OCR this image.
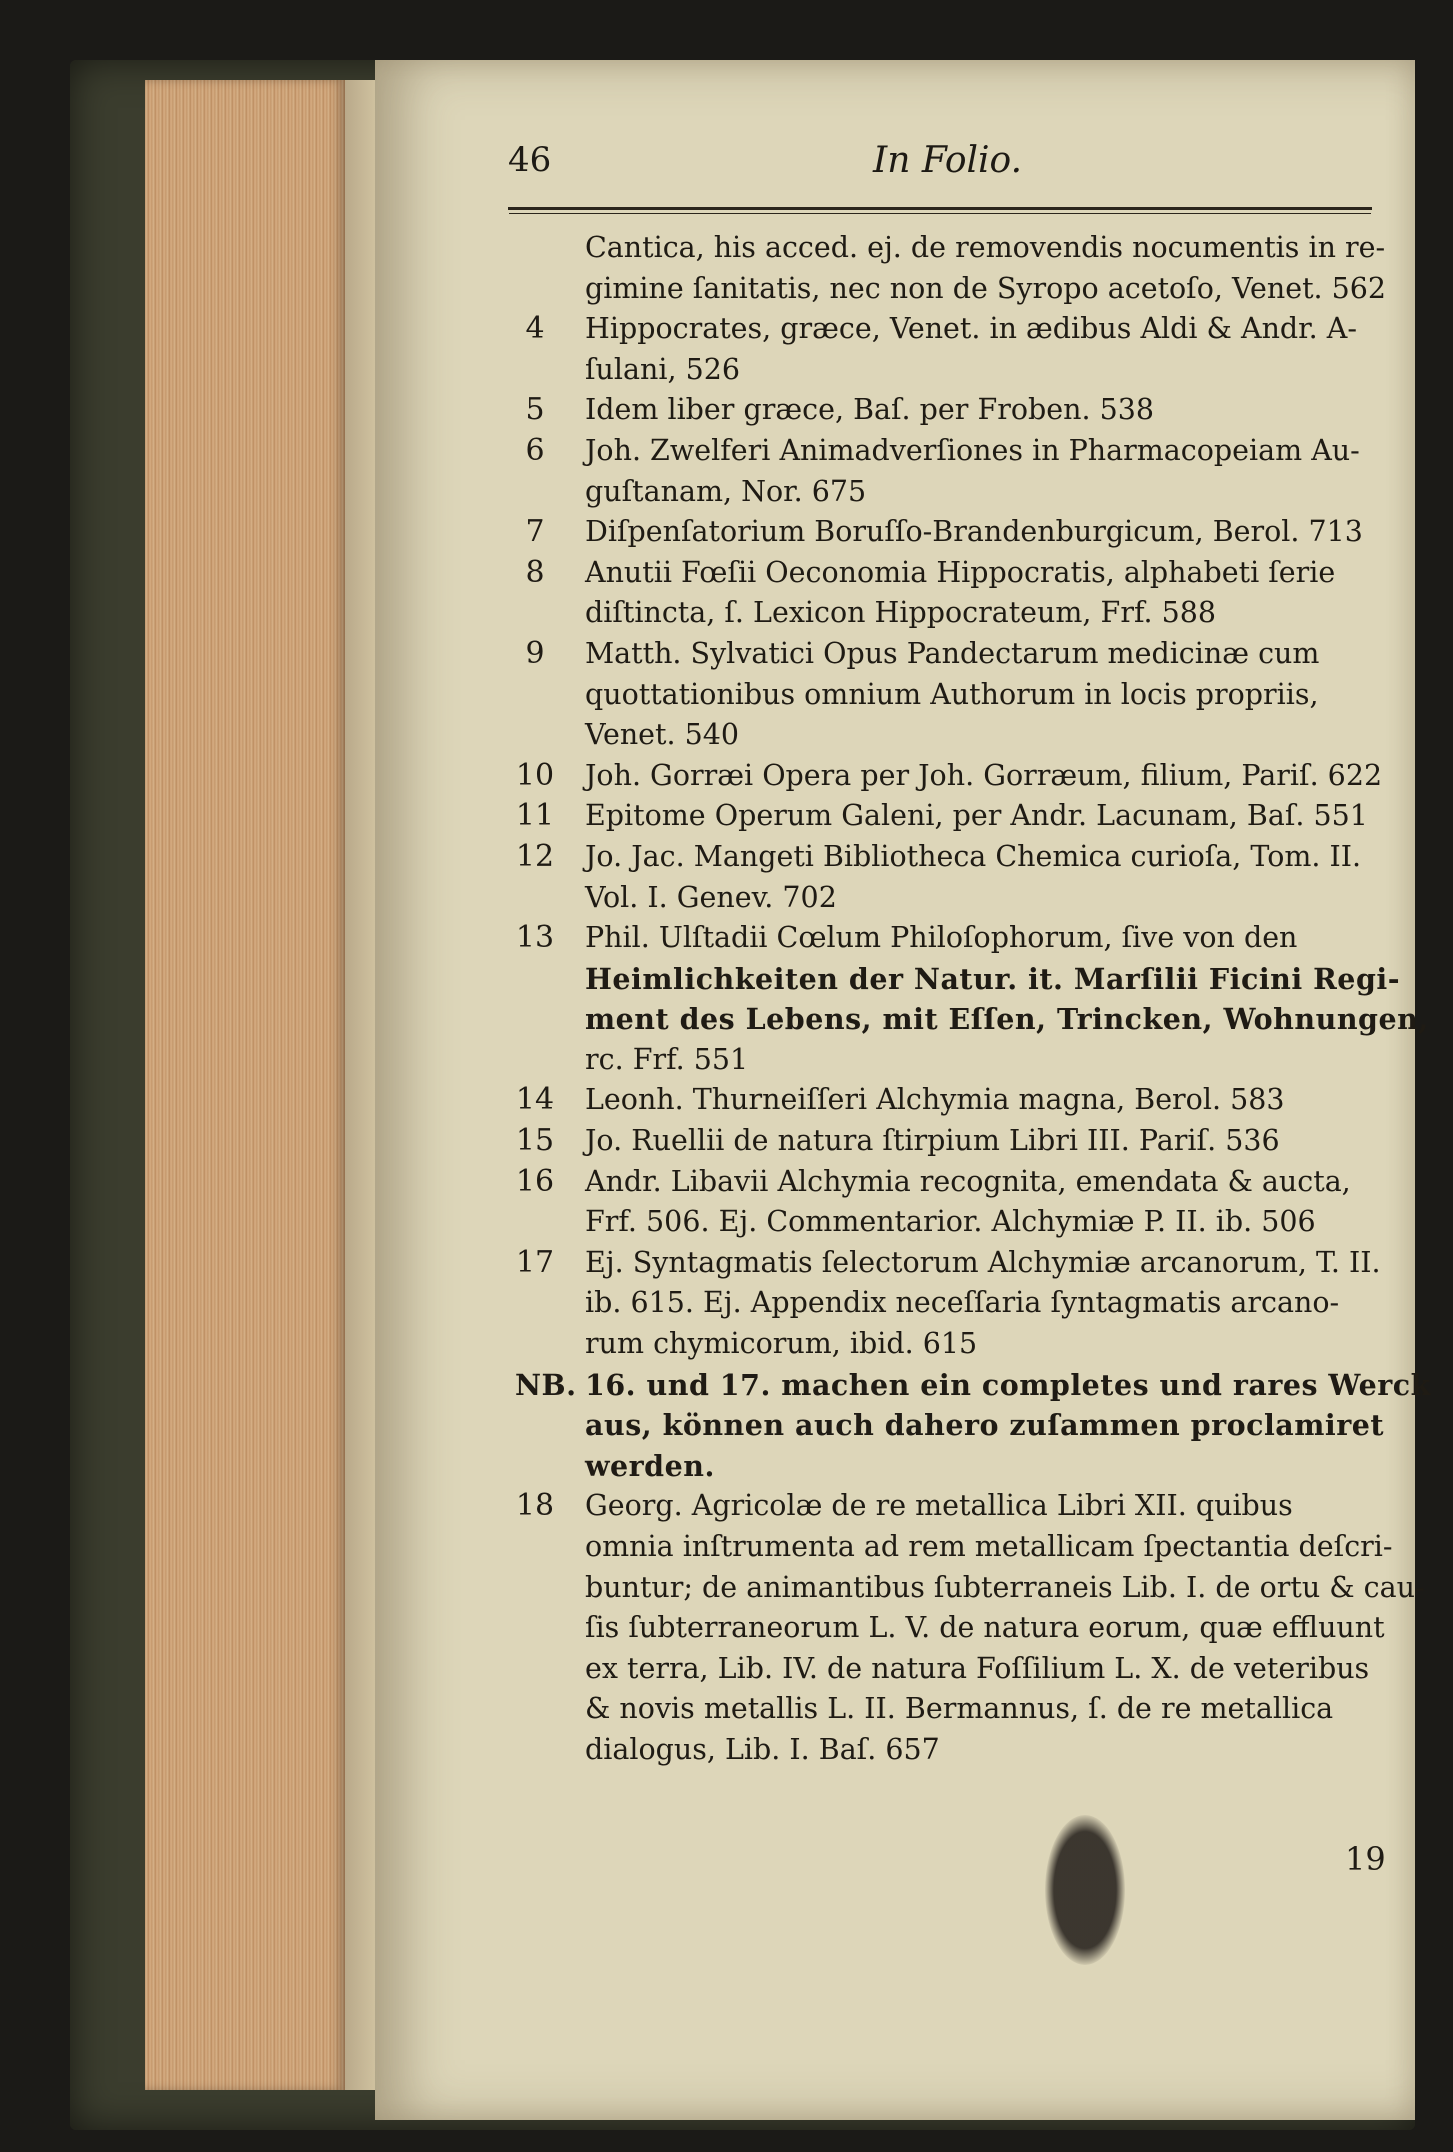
46	In Folio.
Cantica, his acced. ej. de removendis nocumentis in re-
gimine ſanitatis, nec non de Syropo acetoſo, Venet. 562
4	Hippocrates, græce, Venet. in ædibus Aldi & Andr. A-
ſulani, 526
5	Idem liber græce, Baſ. per Froben. 538
6	Joh. Zwelferi Animadverſiones in Pharmacopeiam Au-
guſtanam, Nor. 675
7	Diſpenſatorium Boruſſo-Brandenburgicum, Berol. 713
8	Anutii Fœſii Oeconomia Hippocratis, alphabeti ſerie
diſtincta, ſ. Lexicon Hippocrateum, Frf. 588
9	Matth. Sylvatici Opus Pandectarum medicinæ cum
quottationibus omnium Authorum in locis propriis,
Venet. 540
10 Joh. Gorræi Opera per Joh. Gorræum, filium, Pariſ. 622
11 Epitome Operum Galeni, per Andr. Lacunam, Baſ. 551
12 Jo. Jac. Mangeti Bibliotheca Chemica curioſa, Tom. II.
Vol. I. Genev. 702
13 Phil. Ulſtadii Cœlum Philoſophorum, ſive von den
Heimlichkeiten der Natur. it. Marſilii Ficini Regi-
ment des Lebens, mit Eſſen, Trincken, Wohnungen,
rc. Frf. 551
14 Leonh. Thurneiſſeri Alchymia magna, Berol. 583
15 Jo. Ruellii de natura ſtirpium Libri III. Pariſ. 536
16 Andr. Libavii Alchymia recognita, emendata & aucta,
Frf. 506. Ej. Commentarior. Alchymiæ P. II. ib. 506
17 Ej. Syntagmatis ſelectorum Alchymiæ arcanorum, T. II.
ib. 615. Ej. Appendix neceſſaria ſyntagmatis arcano-
rum chymicorum, ibid. 615
NB. 16. und 17. machen ein completes und rares Werck
aus, können auch dahero zuſammen proclamiret
werden.
18 Georg. Agricolæ de re metallica Libri XII. quibus
omnia inſtrumenta ad rem metallicam ſpectantia deſcri-
buntur; de animantibus ſubterraneis Lib. I. de ortu & cau-
ſis ſubterraneorum L. V. de natura eorum, quæ effluunt
ex terra, Lib. IV. de natura Foſſilium L. X. de veteribus
& novis metallis L. II. Bermannus, ſ. de re metallica
dialogus, Lib. I. Baſ. 657
19
